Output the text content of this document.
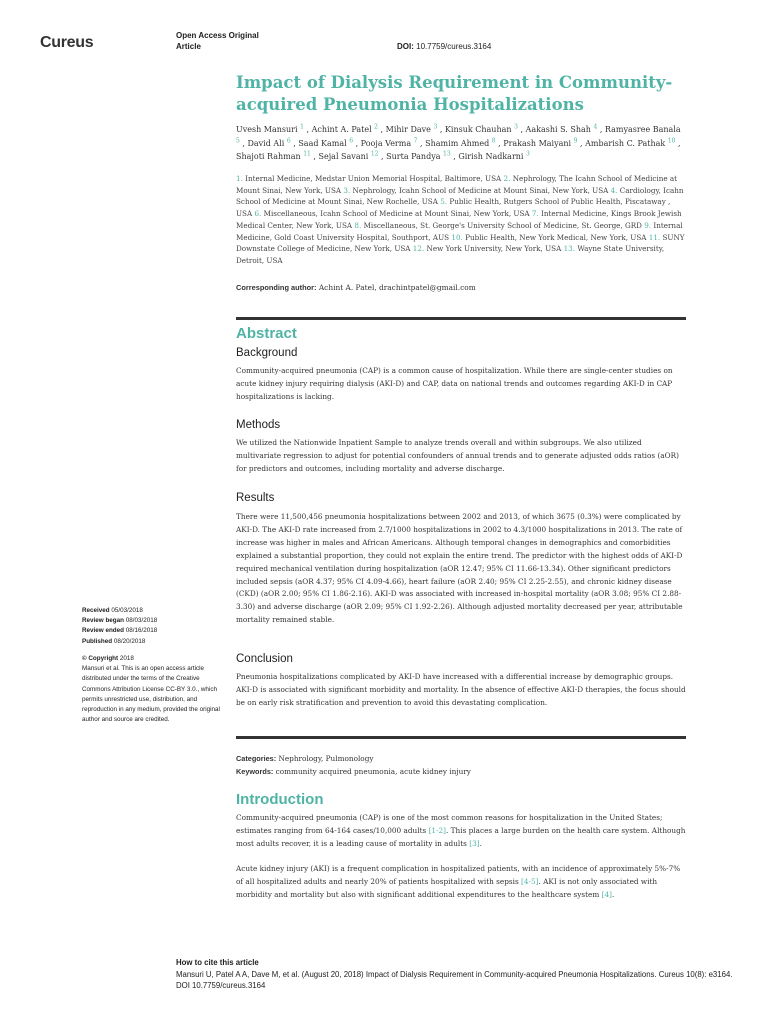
Cureus	Open Access Original
Article	DOI: 10.7759/cureus.3164
Impact of Dialysis Requirement in Community-acquired Pneumonia Hospitalizations
Uvesh Mansuri $^1$ , Achint A. Patel $^2$ , Mihir Dave $^3$ , Kinsuk Chauhan $^3$ , Aakashi S. Shah $^4$ , Ramyasree Banala $^5$ , David Ali $^6$ , Saad Kamal $^6$ , Pooja Verma $^7$ , Shamim Ahmed $^8$ , Prakash Maiyani $^9$ , Ambarish C. Pathak $^{10}$ , Shajoti Rahman $^{11}$ , Sejal Savani $^{12}$ , Surta Pandya $^{13}$ , Girish Nadkarni $^3$
1. Internal Medicine, Medstar Union Memorial Hospital, Baltimore, USA 2. Nephrology, The Icahn School of Medicine at Mount Sinai, New York, USA 3. Nephrology, Icahn School of Medicine at Mount Sinai, New York, USA 4. Cardiology, Icahn School of Medicine at Mount Sinai, New Rochelle, USA 5. Public Health, Rutgers School of Public Health, Piscataway , USA 6. Miscellaneous, Icahn School of Medicine at Mount Sinai, New York, USA 7. Internal Medicine, Kings Brook Jewish Medical Center, New York, USA 8. Miscellaneous, St. George's University School of Medicine, St. George, GRD 9. Internal Medicine, Gold Coast University Hospital, Southport, AUS 10. Public Health, New York Medical, New York, USA 11. SUNY Downstate College of Medicine, New York, USA 12. New York University, New York, USA 13. Wayne State University, Detroit, USA
Corresponding author: Achint A. Patel, drachintpatel@gmail.com
Abstract
Background
Community-acquired pneumonia (CAP) is a common cause of hospitalization. While there are single-center studies on acute kidney injury requiring dialysis (AKI-D) and CAP, data on national trends and outcomes regarding AKI-D in CAP hospitalizations is lacking.
Methods
We utilized the Nationwide Inpatient Sample to analyze trends overall and within subgroups. We also utilized multivariate regression to adjust for potential confounders of annual trends and to generate adjusted odds ratios (aOR) for predictors and outcomes, including mortality and adverse discharge.
Results
There were 11,500,456 pneumonia hospitalizations between 2002 and 2013, of which 3675 (0.3%) were complicated by AKI-D. The AKI-D rate increased from 2.7/1000 hospitalizations in 2002 to 4.3/1000 hospitalizations in 2013. The rate of increase was higher in males and African Americans. Although temporal changes in demographics and comorbidities explained a substantial proportion, they could not explain the entire trend. The predictor with the highest odds of AKI-D required mechanical ventilation during hospitalization (aOR 12.47; 95% CI 11.66-13.34). Other significant predictors included sepsis (aOR 4.37; 95% CI 4.09-4.66), heart failure (aOR 2.40; 95% CI 2.25-2.55), and chronic kidney disease (CKD) (aOR 2.00; 95% CI 1.86-2.16). AKI-D was associated with increased in-hospital mortality (aOR 3.08; 95% CI 2.88-3.30) and adverse discharge (aOR 2.09; 95% CI 1.92-2.26). Although adjusted mortality decreased per year, attributable mortality remained stable.
Conclusion
Pneumonia hospitalizations complicated by AKI-D have increased with a differential increase by demographic groups. AKI-D is associated with significant morbidity and mortality. In the absence of effective AKI-D therapies, the focus should be on early risk stratification and prevention to avoid this devastating complication.
Categories: Nephrology, Pulmonology
Keywords: community acquired pneumonia, acute kidney injury
Introduction
Community-acquired pneumonia (CAP) is one of the most common reasons for hospitalization in the United States; estimates ranging from 64-164 cases/10,000 adults [1-2]. This places a large burden on the health care system. Although most adults recover, it is a leading cause of mortality in adults [3].
Acute kidney injury (AKI) is a frequent complication in hospitalized patients, with an incidence of approximately 5%-7% of all hospitalized adults and nearly 20% of patients hospitalized with sepsis [4-5]. AKI is not only associated with morbidity and mortality but also with significant additional expenditures to the healthcare system [4].
Received 05/03/2018
Review began 08/03/2018
Review ended 08/16/2018
Published 08/20/2018
© Copyright 2018
Mansuri et al. This is an open access article distributed under the terms of the Creative Commons Attribution License CC-BY 3.0., which permits unrestricted use, distribution, and reproduction in any medium, provided the original author and source are credited.
How to cite this article
Mansuri U, Patel A A, Dave M, et al. (August 20, 2018) Impact of Dialysis Requirement in Community-acquired Pneumonia Hospitalizations. Cureus 10(8): e3164. DOI 10.7759/cureus.3164
